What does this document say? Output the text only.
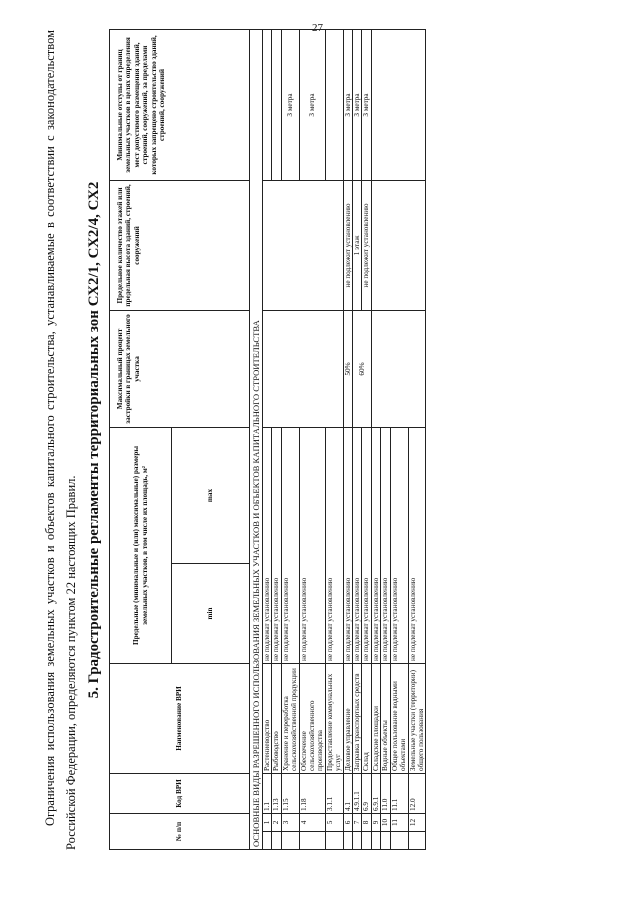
27

Ограничения использования земельных участков и объектов капитального строительства, устанавливаемые в соответствии с законодательством Российской Федерации, определяются пунктом 22 настоящих Правил. 5. Градостроительные регламенты территориальных зон СХ2/1, СХ2/4, СХ2
№ п/п		Код ВРИ	Наименование ВРИ	Предельные (минимальные и (или) максимальные) размеры земельных участков, в том числе их площадь, м²		Максимальный процент застройки в границах земельного участка	Предельное количество этажей или предельная высота зданий, строений, сооружений	Минимальные отступы от границ земельных участков в целях определения мест допустимого размещения зданий, строений, сооружений, за пределами которых запрещено строительство зданий, строений, сооружений
				min	max			
ОСНОВНЫЕ ВИДЫ РАЗРЕШЕННОГО ИСПОЛЬЗОВАНИЯ ЗЕМЕЛЬНЫХ УЧАСТКОВ И ОБЪЕКТОВ КАПИТАЛЬНОГО СТРОИТЕЛЬСТВА								
	1	1.1	Растениеводство	не подлежат установлению				
	2	1.13	Рыбоводство	не подлежат установлению				
	3	1.15	Хранение и переработка сельскохозяйственной продукции	не подлежат установлению				3 метра
	4	1.18	Обеспечение сельскохозяйственного производства	не подлежат установлению				3 метра
	5	3.1.1	Предоставление коммунальных услуг	не подлежат установлению				
	6	4.1	Деловое управление	не подлежат установлению		50%	не подлежит установлению	3 метра
	7	4.9.1.1	Заправка транспортных средств	не подлежат установлению		60%	1 этаж	3 метра
	8	6.9	Склад	не подлежат установлению			не подлежит установлению	3 метра
	9	6.9.1	Складские площадки	не подлежат установлению				
	10	11.0	Водные объекты	не подлежат установлению				
	11	11.1	Общее пользование водными объектами	не подлежат установлению				
	12	12.0	Земельные участки (территории) общего пользования	не подлежат установлению				
